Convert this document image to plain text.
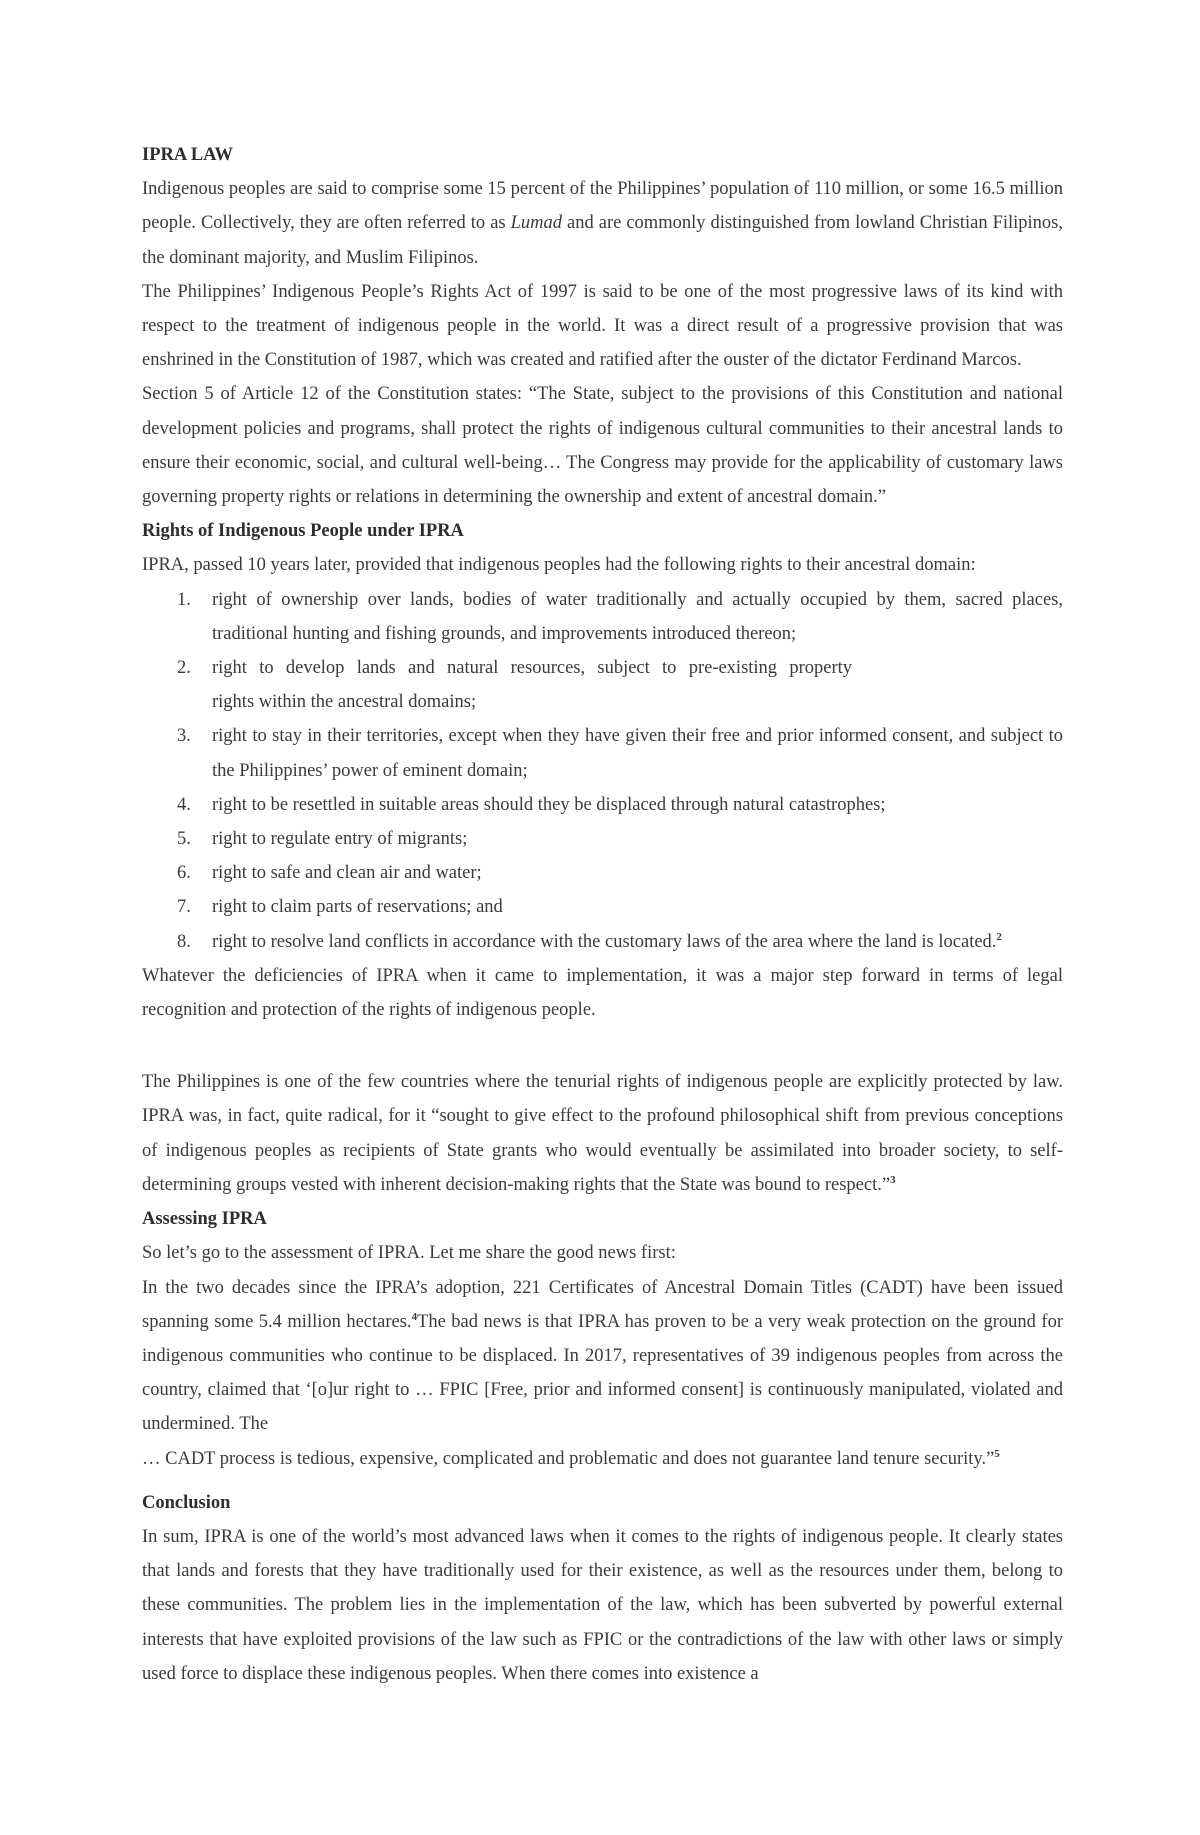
IPRA LAW

Indigenous peoples are said to comprise some 15 percent of the Philippines’ population of 110 million, or some 16.5 million people. Collectively, they are often referred to as Lumad and are commonly distinguished from lowland Christian Filipinos, the dominant majority, and Muslim Filipinos.

The Philippines’ Indigenous People’s Rights Act of 1997 is said to be one of the most progressive laws of its kind with respect to the treatment of indigenous people in the world. It was a direct result of a progressive provision that was enshrined in the Constitution of 1987, which was created and ratified after the ouster of the dictator Ferdinand Marcos.

Section 5 of Article 12 of the Constitution states: “The State, subject to the provisions of this Constitution and national development policies and programs, shall protect the rights of indigenous cultural communities to their ancestral lands to ensure their economic, social, and cultural well-being… The Congress may provide for the applicability of customary laws governing property rights or relations in determining the ownership and extent of ancestral domain.”

Rights of Indigenous People under IPRA

IPRA, passed 10 years later, provided that indigenous peoples had the following rights to their ancestral domain:

1. right of ownership over lands, bodies of water traditionally and actually occupied by them, sacred places, traditional hunting and fishing grounds, and improvements introduced thereon;
2. right to develop lands and natural resources, subject to pre-existing property
rights within the ancestral domains;
3. right to stay in their territories, except when they have given their free and prior informed consent, and subject to the Philippines’ power of eminent domain;
4. right to be resettled in suitable areas should they be displaced through natural catastrophes;
5. right to regulate entry of migrants;
6. right to safe and clean air and water;
7. right to claim parts of reservations; and
8. right to resolve land conflicts in accordance with the customary laws of the area where the land is located.$^2$

Whatever the deficiencies of IPRA when it came to implementation, it was a major step forward in terms of legal recognition and protection of the rights of indigenous people.

The Philippines is one of the few countries where the tenurial rights of indigenous people are explicitly protected by law. IPRA was, in fact, quite radical, for it “sought to give effect to the profound philosophical shift from previous conceptions of indigenous peoples as recipients of State grants who would eventually be assimilated into broader society, to self-determining groups vested with inherent decision-making rights that the State was bound to respect.”$^3$

Assessing IPRA

So let’s go to the assessment of IPRA. Let me share the good news first:

In the two decades since the IPRA’s adoption, 221 Certificates of Ancestral Domain Titles (CADT) have been issued spanning some 5.4 million hectares.$^4$The bad news is that IPRA has proven to be a very weak protection on the ground for indigenous communities who continue to be displaced. In 2017, representatives of 39 indigenous peoples from across the country, claimed that ‘[o]ur right to … FPIC [Free, prior and informed consent] is continuously manipulated, violated and undermined. The

… CADT process is tedious, expensive, complicated and problematic and does not guarantee land tenure security.”$^5$

Conclusion

In sum, IPRA is one of the world’s most advanced laws when it comes to the rights of indigenous people. It clearly states that lands and forests that they have traditionally used for their existence, as well as the resources under them, belong to these communities. The problem lies in the implementation of the law, which has been subverted by powerful external interests that have exploited provisions of the law such as FPIC or the contradictions of the law with other laws or simply used force to displace these indigenous peoples. When there comes into existence a
